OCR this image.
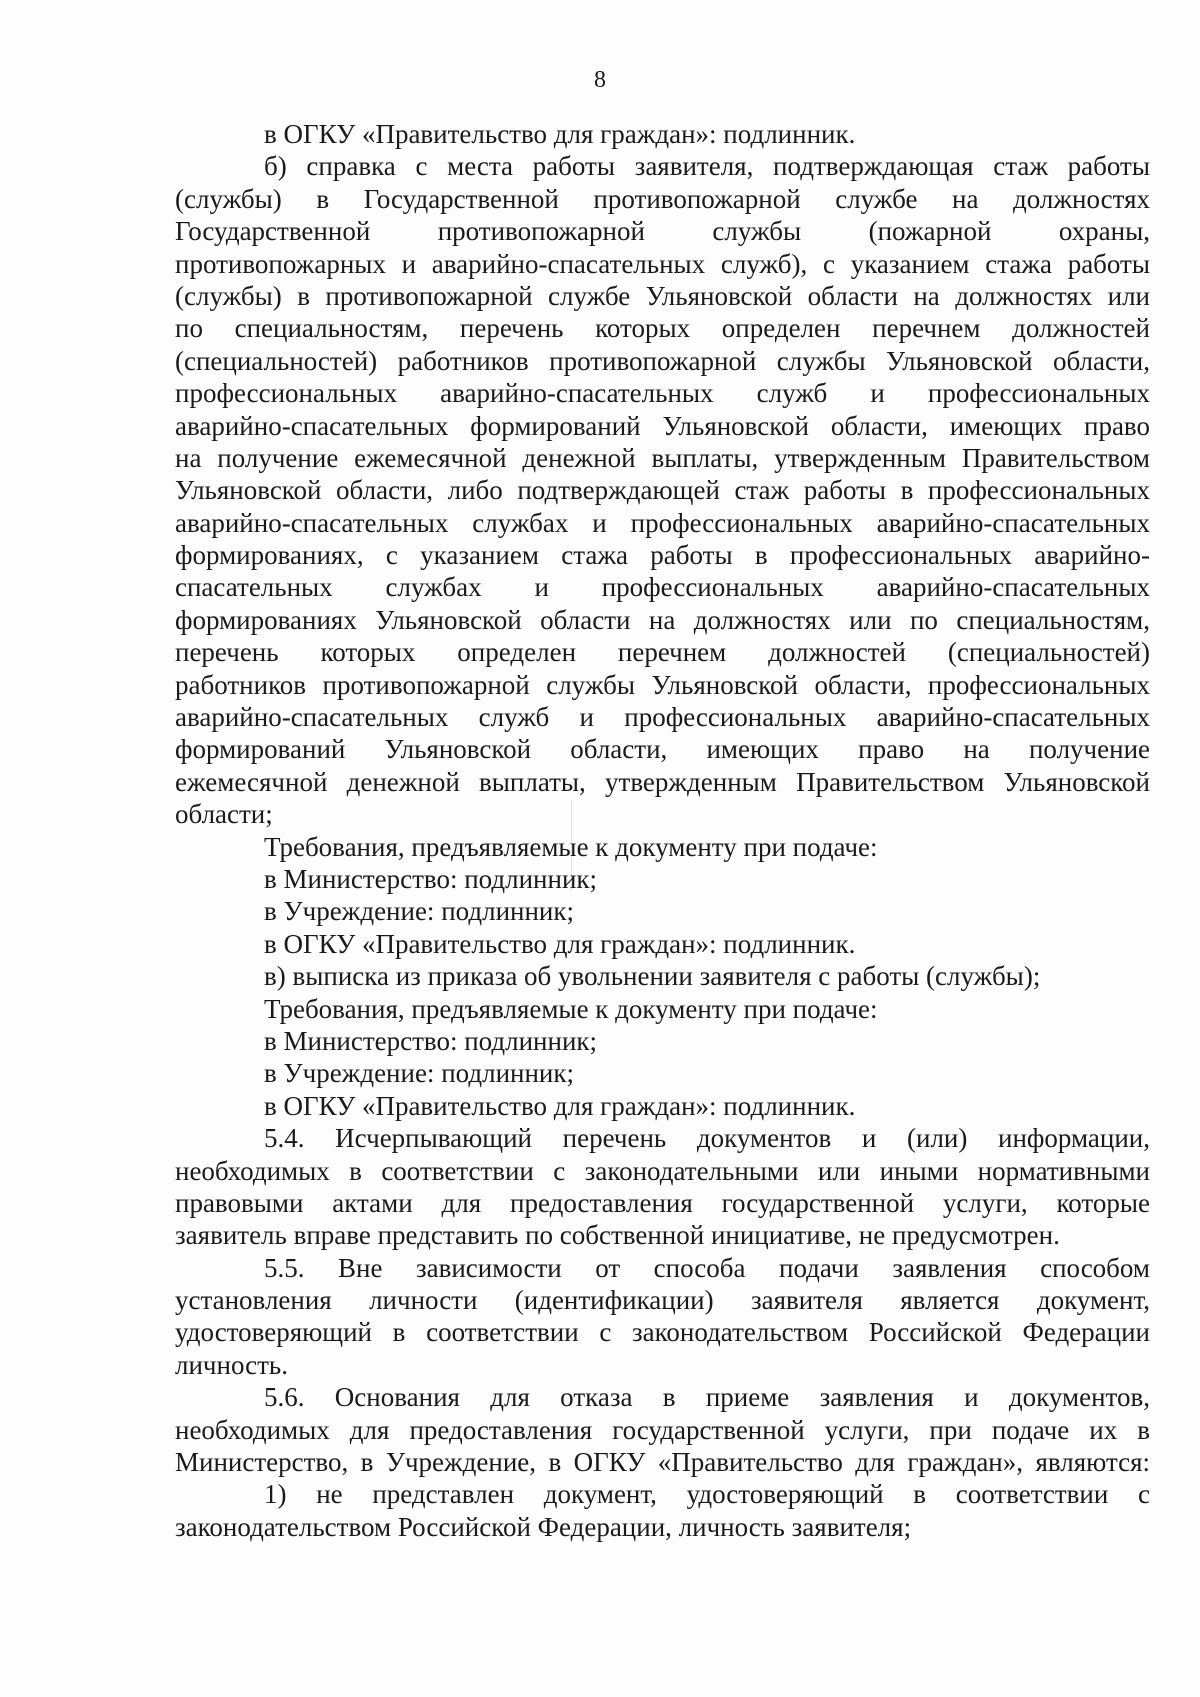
8
в ОГКУ «Правительство для граждан»: подлинник.
б) справка с места работы заявителя, подтверждающая стаж работы
(службы) в Государственной противопожарной службе на должностях
Государственной противопожарной службы (пожарной охраны,
противопожарных и аварийно-спасательных служб), с указанием стажа работы
(службы) в противопожарной службе Ульяновской области на должностях или
по специальностям, перечень которых определен перечнем должностей
(специальностей) работников противопожарной службы Ульяновской области,
профессиональных аварийно-спасательных служб и профессиональных
аварийно-спасательных формирований Ульяновской области, имеющих право
на получение ежемесячной денежной выплаты, утвержденным Правительством
Ульяновской области, либо подтверждающей стаж работы в профессиональных
аварийно-спасательных службах и профессиональных аварийно-спасательных
формированиях, с указанием стажа работы в профессиональных аварийно-
спасательных службах и профессиональных аварийно-спасательных
формированиях Ульяновской области на должностях или по специальностям,
перечень которых определен перечнем должностей (специальностей)
работников противопожарной службы Ульяновской области, профессиональных
аварийно-спасательных служб и профессиональных аварийно-спасательных
формирований Ульяновской области, имеющих право на получение
ежемесячной денежной выплаты, утвержденным Правительством Ульяновской
области;
Требования, предъявляемые к документу при подаче:
в Министерство: подлинник;
в Учреждение: подлинник;
в ОГКУ «Правительство для граждан»: подлинник.
в) выписка из приказа об увольнении заявителя с работы (службы);
Требования, предъявляемые к документу при подаче:
в Министерство: подлинник;
в Учреждение: подлинник;
в ОГКУ «Правительство для граждан»: подлинник.
5.4. Исчерпывающий перечень документов и (или) информации,
необходимых в соответствии с законодательными или иными нормативными
правовыми актами для предоставления государственной услуги, которые
заявитель вправе представить по собственной инициативе, не предусмотрен.
5.5. Вне зависимости от способа подачи заявления способом
установления личности (идентификации) заявителя является документ,
удостоверяющий в соответствии с законодательством Российской Федерации
личность.
5.6. Основания для отказа в приеме заявления и документов,
необходимых для предоставления государственной услуги, при подаче их в
Министерство, в Учреждение, в ОГКУ «Правительство для граждан», являются:
1) не представлен документ, удостоверяющий в соответствии с
законодательством Российской Федерации, личность заявителя;
